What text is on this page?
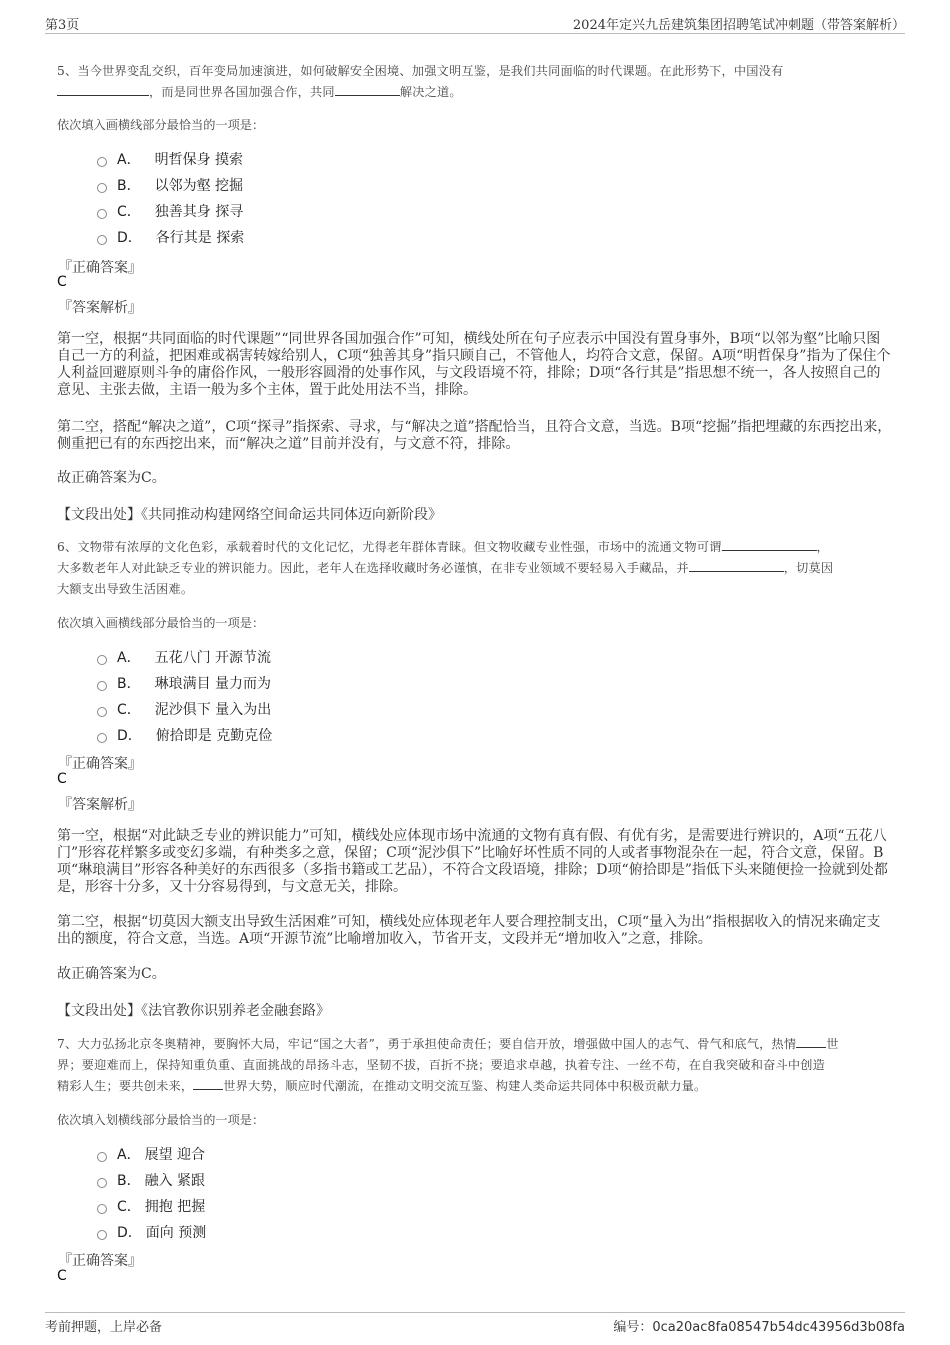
第3页	2024年定兴九岳建筑集团招聘笔试冲刺题（带答案解析）
5、当今世界变乱交织，百年变局加速演进，如何破解安全困境、加强文明互鉴，是我们共同面临的时代课题。在此形势下，中国没有
，而是同世界各国加强合作，共同	解决之道。
依次填入画横线部分最恰当的一项是：
A． 明哲保身 摸索
B． 以邻为壑 挖掘
C． 独善其身 探寻
D． 各行其是 探索
『正确答案』
C
『答案解析』
第一空，根据“共同面临的时代课题”“同世界各国加强合作”可知，横线处所在句子应表示中国没有置身事外，B项“以邻为壑”比喻只图自己一方的利益，把困难或祸害转嫁给别人，C项“独善其身”指只顾自己，不管他人，均符合文意，保留。A项“明哲保身”指为了保住个人利益回避原则斗争的庸俗作风，一般形容圆滑的处事作风，与文段语境不符，排除；D项“各行其是”指思想不统一，各人按照自己的意见、主张去做，主语一般为多个主体，置于此处用法不当，排除。
第二空，搭配“解决之道”，C项“探寻”指探索、寻求，与“解决之道”搭配恰当，且符合文意，当选。B项“挖掘”指把埋藏的东西挖出来，侧重把已有的东西挖出来，而“解决之道”目前并没有，与文意不符，排除。
故正确答案为C。
【文段出处】《共同推动构建网络空间命运共同体迈向新阶段》
6、文物带有浓厚的文化色彩，承载着时代的文化记忆，尤得老年群体青睐。但文物收藏专业性强，市场中的流通文物可谓	，
大多数老年人对此缺乏专业的辨识能力。因此，老年人在选择收藏时务必谨慎，在非专业领域不要轻易入手藏品，并	，切莫因
大额支出导致生活困难。
依次填入画横线部分最恰当的一项是：
A． 五花八门 开源节流
B． 琳琅满目 量力而为
C． 泥沙俱下 量入为出
D． 俯拾即是 克勤克俭
『正确答案』
C
『答案解析』
第一空，根据“对此缺乏专业的辨识能力”可知，横线处应体现市场中流通的文物有真有假、有优有劣，是需要进行辨识的，A项“五花八门”形容花样繁多或变幻多端，有种类多之意，保留；C项“泥沙俱下”比喻好坏性质不同的人或者事物混杂在一起，符合文意，保留。B项“琳琅满目”形容各种美好的东西很多（多指书籍或工艺品），不符合文段语境，排除；D项“俯拾即是”指低下头来随便捡一捡就到处都是，形容十分多，又十分容易得到，与文意无关，排除。
第二空，根据“切莫因大额支出导致生活困难”可知，横线处应体现老年人要合理控制支出，C项“量入为出”指根据收入的情况来确定支出的额度，符合文意，当选。A项“开源节流”比喻增加收入，节省开支，文段并无“增加收入”之意，排除。
故正确答案为C。
【文段出处】《法官教你识别养老金融套路》
7、大力弘扬北京冬奥精神，要胸怀大局，牢记“国之大者”，勇于承担使命责任；要自信开放，增强做中国人的志气、骨气和底气，热情 世
界；要迎难而上，保持知重负重、直面挑战的昂扬斗志，坚韧不拔，百折不挠；要追求卓越，执着专注、一丝不苟，在自我突破和奋斗中创造
精彩人生；要共创未来， 世界大势，顺应时代潮流，在推动文明交流互鉴、构建人类命运共同体中积极贡献力量。
依次填入划横线部分最恰当的一项是：
A． 展望 迎合
B． 融入 紧跟
C． 拥抱 把握
D． 面向 预测
『正确答案』
C
考前押题，上岸必备	编号：0ca20ac8fa08547b54dc43956d3b08fa
